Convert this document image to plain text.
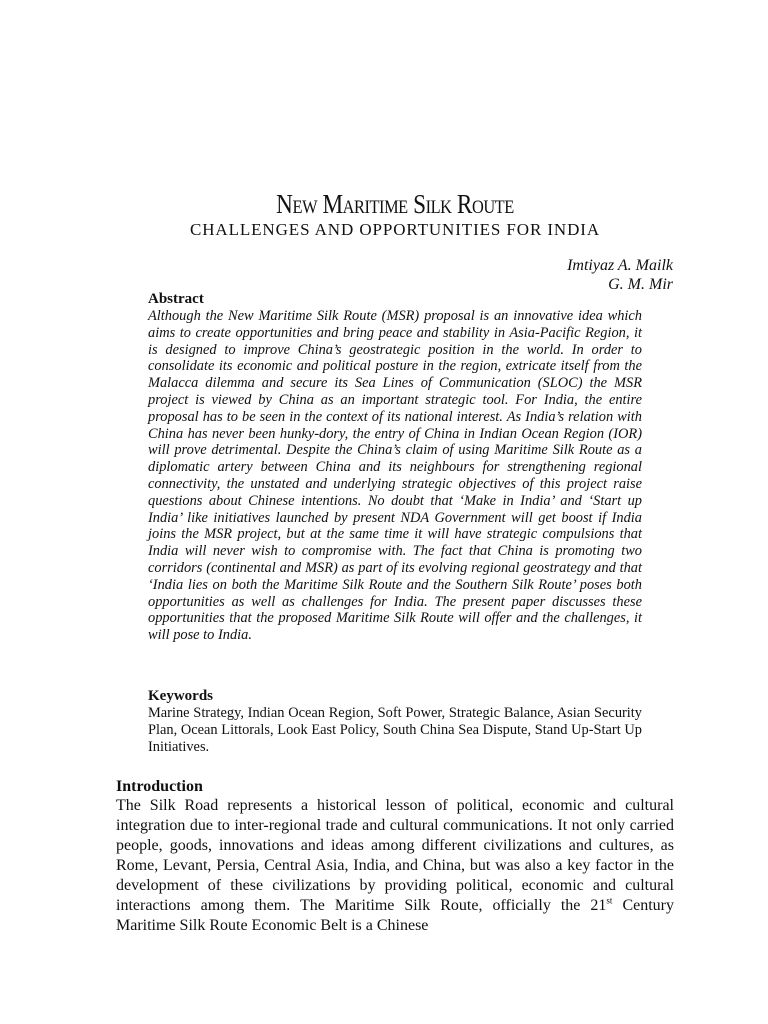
New Maritime Silk Route
CHALLENGES AND OPPORTUNITIES FOR INDIA
Imtiyaz A. Mailk
G. M. Mir
Abstract

Although the New Maritime Silk Route (MSR) proposal is an innovative idea which aims to create opportunities and bring peace and stability in Asia-Pacific Region, it is designed to improve China’s geostrategic position in the world. In order to consolidate its economic and political posture in the region, extricate itself from the Malacca dilemma and secure its Sea Lines of Communication (SLOC) the MSR project is viewed by China as an important strategic tool. For India, the entire proposal has to be seen in the context of its national interest. As India’s relation with China has never been hunky-dory, the entry of China in Indian Ocean Region (IOR) will prove detrimental. Despite the China’s claim of using Maritime Silk Route as a diplomatic artery between China and its neighbours for strengthening regional connectivity, the unstated and underlying strategic objectives of this project raise questions about Chinese intentions. No doubt that ‘Make in India’ and ‘Start up India’ like initiatives launched by present NDA Government will get boost if India joins the MSR project, but at the same time it will have strategic compulsions that India will never wish to compromise with. The fact that China is promoting two corridors (continental and MSR) as part of its evolving regional geostrategy and that ‘India lies on both the Maritime Silk Route and the Southern Silk Route’ poses both opportunities as well as challenges for India. The present paper discusses these opportunities that the proposed Maritime Silk Route will offer and the challenges, it will pose to India.

Keywords

Marine Strategy, Indian Ocean Region, Soft Power, Strategic Balance, Asian Security Plan, Ocean Littorals, Look East Policy, South China Sea Dispute, Stand Up-Start Up Initiatives.

Introduction

The Silk Road represents a historical lesson of political, economic and cultural integration due to inter-regional trade and cultural communications. It not only carried people, goods, innovations and ideas among different civilizations and cultures, as Rome, Levant, Persia, Central Asia, India, and China, but was also a key factor in the development of these civilizations by providing political, economic and cultural interactions among them. The Maritime Silk Route, officially the 21st Century Maritime Silk Route Economic Belt is a Chinese
